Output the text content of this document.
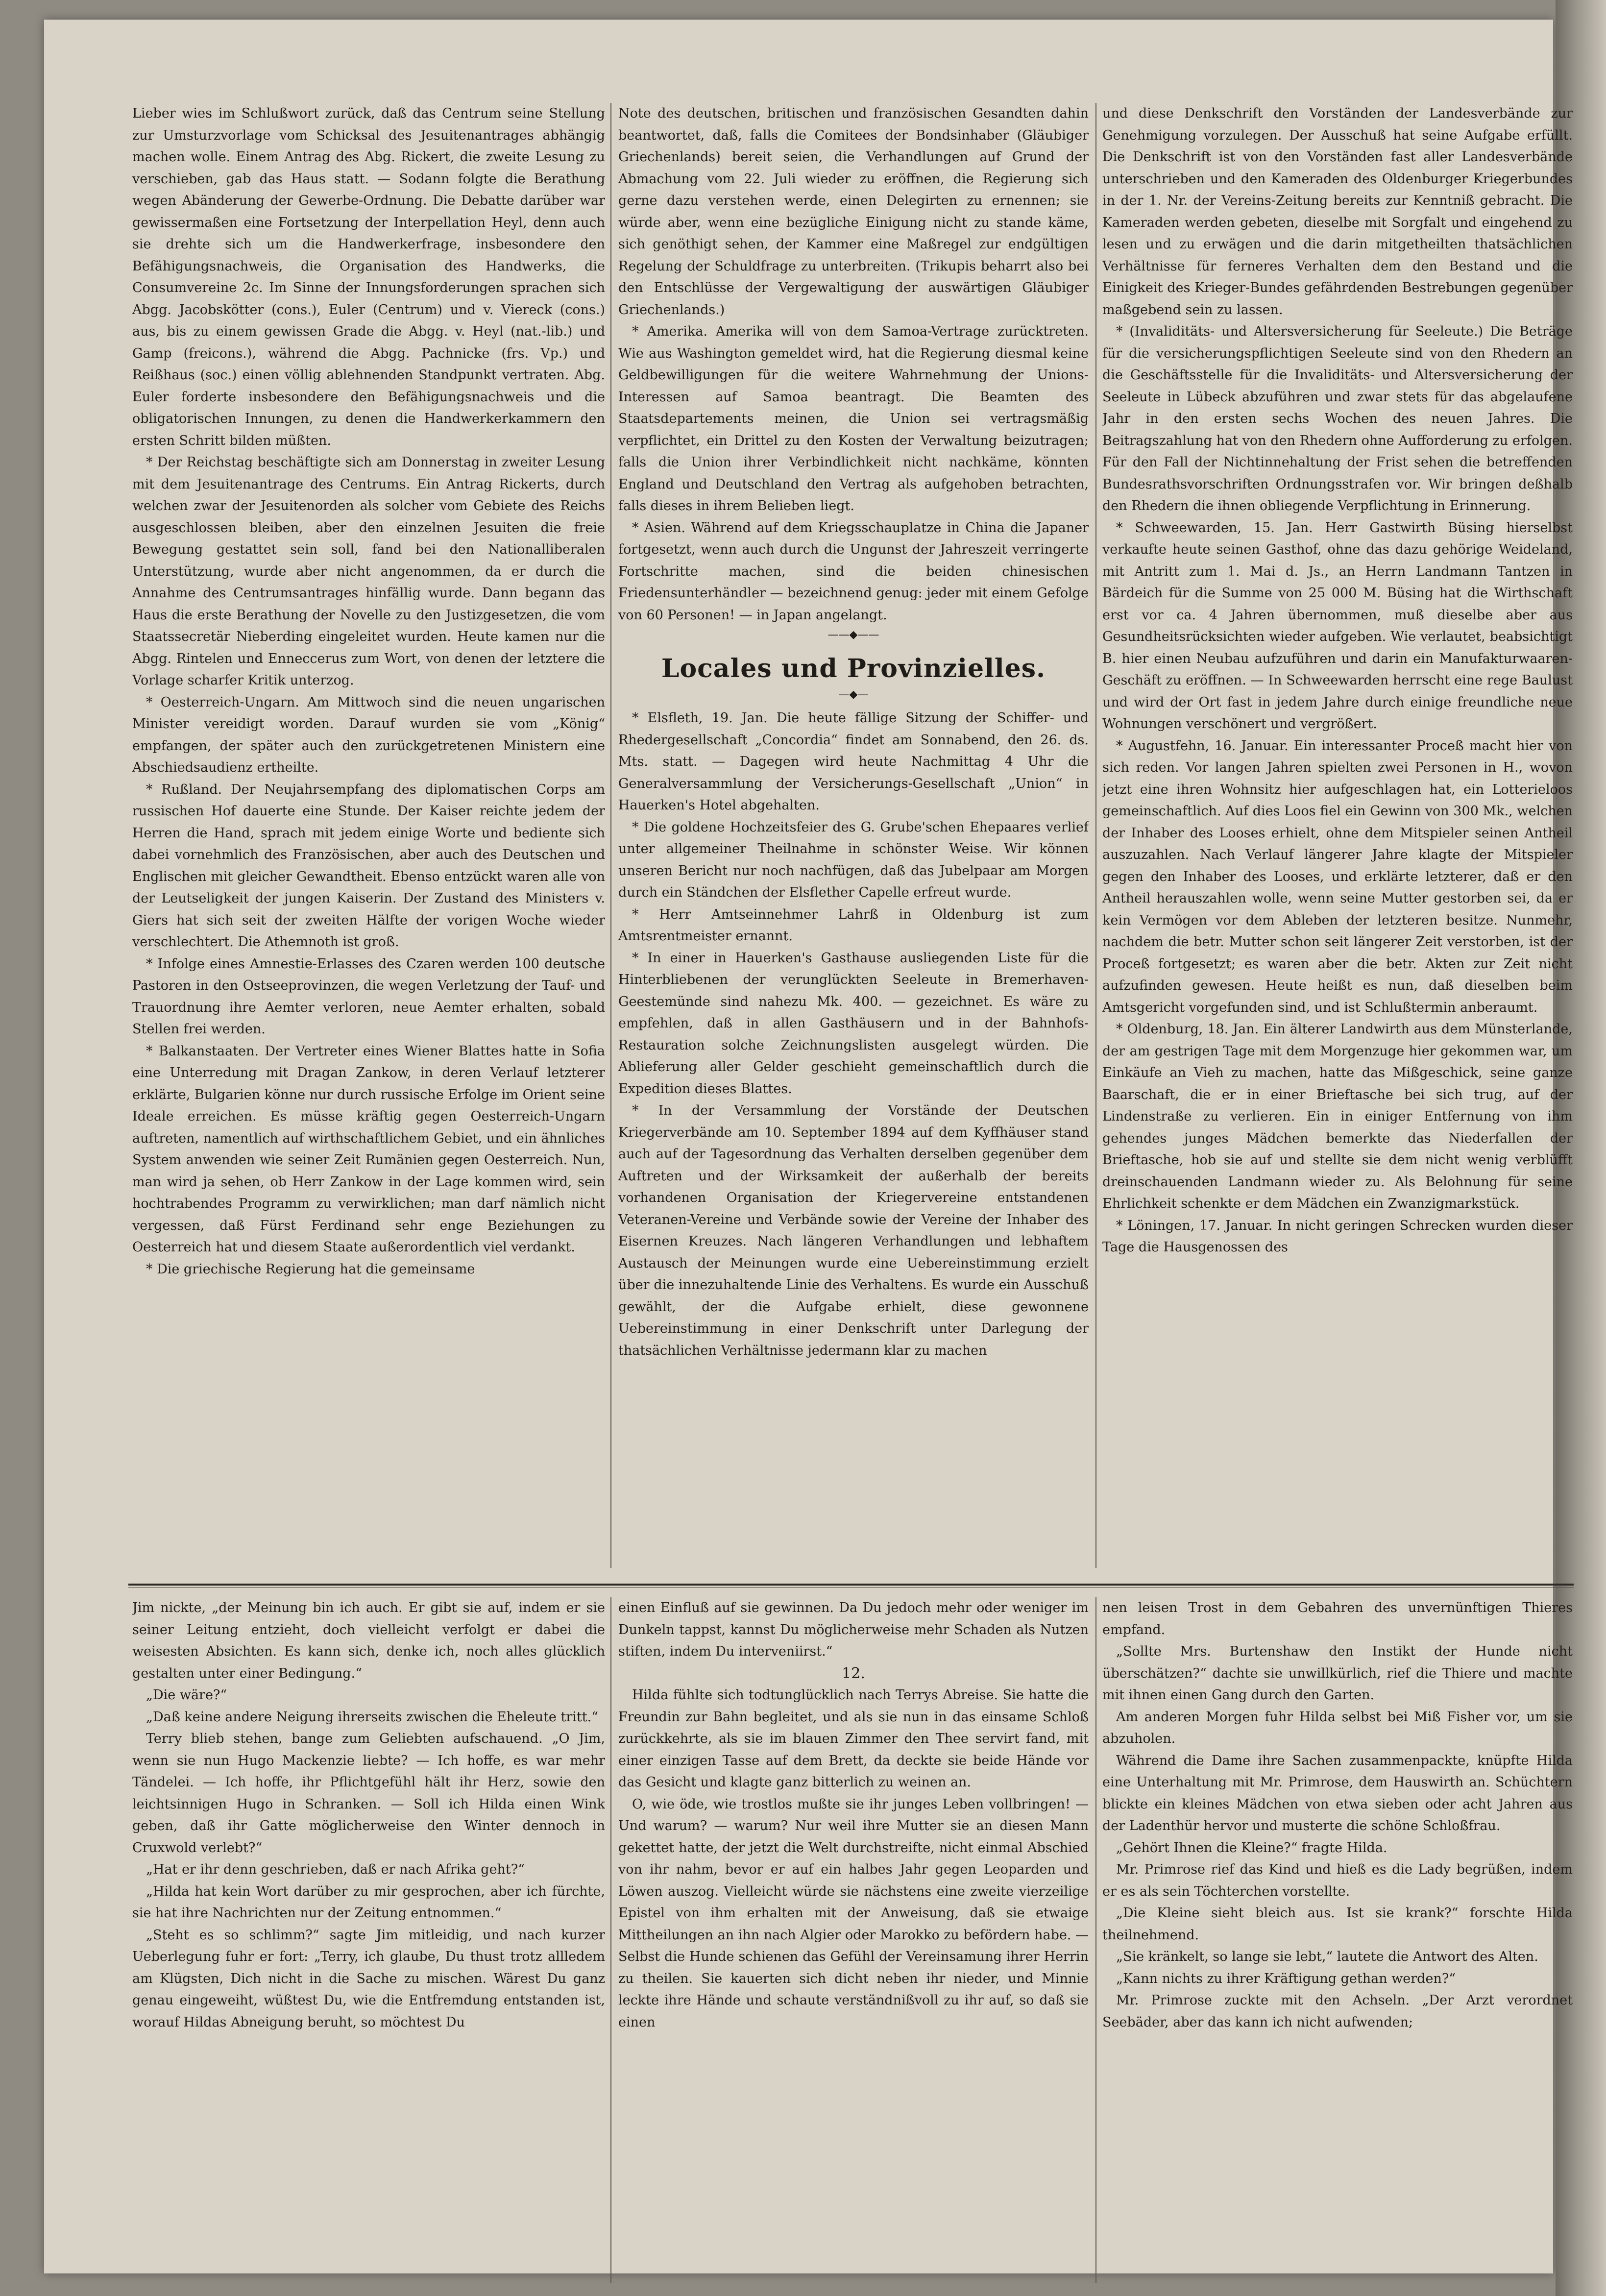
Lieber wies im Schlußwort zurück, daß das Centrum seine Stellung zur Umsturzvorlage vom Schicksal des Jesuitenantrages abhängig machen wolle. Einem Antrag des Abg. Rickert, die zweite Lesung zu verschieben, gab das Haus statt. — Sodann folgte die Berathung wegen Abänderung der Gewerbe-Ordnung. Die Debatte darüber war gewissermaßen eine Fortsetzung der Interpellation Heyl, denn auch sie drehte sich um die Handwerkerfrage, insbesondere den Befähigungsnachweis, die Organisation des Handwerks, die Consumvereine 2c. Im Sinne der Innungsforderungen sprachen sich Abgg. Jacobskötter (cons.), Euler (Centrum) und v. Viereck (cons.) aus, bis zu einem gewissen Grade die Abgg. v. Heyl (nat.-lib.) und Gamp (freicons.), während die Abgg. Pachnicke (frs. Vp.) und Reißhaus (soc.) einen völlig ablehnenden Standpunkt vertraten. Abg. Euler forderte insbesondere den Befähigungsnachweis und die obligatorischen Innungen, zu denen die Handwerkerkammern den ersten Schritt bilden müßten.

* Der Reichstag beschäftigte sich am Donnerstag in zweiter Lesung mit dem Jesuitenantrage des Centrums. Ein Antrag Rickerts, durch welchen zwar der Jesuitenorden als solcher vom Gebiete des Reichs ausgeschlossen bleiben, aber den einzelnen Jesuiten die freie Bewegung gestattet sein soll, fand bei den Nationalliberalen Unterstützung, wurde aber nicht angenommen, da er durch die Annahme des Centrumsantrages hinfällig wurde. Dann begann das Haus die erste Berathung der Novelle zu den Justizgesetzen, die vom Staatssecretär Nieberding eingeleitet wurden. Heute kamen nur die Abgg. Rintelen und Enneccerus zum Wort, von denen der letztere die Vorlage scharfer Kritik unterzog.

* Oesterreich-Ungarn. Am Mittwoch sind die neuen ungarischen Minister vereidigt worden. Darauf wurden sie vom „König“ empfangen, der später auch den zurückgetretenen Ministern eine Abschiedsaudienz ertheilte.

* Rußland. Der Neujahrsempfang des diplomatischen Corps am russischen Hof dauerte eine Stunde. Der Kaiser reichte jedem der Herren die Hand, sprach mit jedem einige Worte und bediente sich dabei vornehmlich des Französischen, aber auch des Deutschen und Englischen mit gleicher Gewandtheit. Ebenso entzückt waren alle von der Leutseligkeit der jungen Kaiserin. Der Zustand des Ministers v. Giers hat sich seit der zweiten Hälfte der vorigen Woche wieder verschlechtert. Die Athemnoth ist groß.

* Infolge eines Amnestie-Erlasses des Czaren werden 100 deutsche Pastoren in den Ostseeprovinzen, die wegen Verletzung der Tauf- und Trauordnung ihre Aemter verloren, neue Aemter erhalten, sobald Stellen frei werden.

* Balkanstaaten. Der Vertreter eines Wiener Blattes hatte in Sofia eine Unterredung mit Dragan Zankow, in deren Verlauf letzterer erklärte, Bulgarien könne nur durch russische Erfolge im Orient seine Ideale erreichen. Es müsse kräftig gegen Oesterreich-Ungarn auftreten, namentlich auf wirthschaftlichem Gebiet, und ein ähnliches System anwenden wie seiner Zeit Rumänien gegen Oesterreich. Nun, man wird ja sehen, ob Herr Zankow in der Lage kommen wird, sein hochtrabendes Programm zu verwirklichen; man darf nämlich nicht vergessen, daß Fürst Ferdinand sehr enge Beziehungen zu Oesterreich hat und diesem Staate außerordentlich viel verdankt.

* Die griechische Regierung hat die gemeinsame

Note des deutschen, britischen und französischen Gesandten dahin beantwortet, daß, falls die Comitees der Bondsinhaber (Gläubiger Griechenlands) bereit seien, die Verhandlungen auf Grund der Abmachung vom 22. Juli wieder zu eröffnen, die Regierung sich gerne dazu verstehen werde, einen Delegirten zu ernennen; sie würde aber, wenn eine bezügliche Einigung nicht zu stande käme, sich genöthigt sehen, der Kammer eine Maßregel zur endgültigen Regelung der Schuldfrage zu unterbreiten. (Trikupis beharrt also bei den Entschlüsse der Vergewaltigung der auswärtigen Gläubiger Griechenlands.)

* Amerika. Amerika will von dem Samoa-Vertrage zurücktreten. Wie aus Washington gemeldet wird, hat die Regierung diesmal keine Geldbewilligungen für die weitere Wahrnehmung der Unions-Interessen auf Samoa beantragt. Die Beamten des Staatsdepartements meinen, die Union sei vertragsmäßig verpflichtet, ein Drittel zu den Kosten der Verwaltung beizutragen; falls die Union ihrer Verbindlichkeit nicht nachkäme, könnten England und Deutschland den Vertrag als aufgehoben betrachten, falls dieses in ihrem Belieben liegt.

* Asien. Während auf dem Kriegsschauplatze in China die Japaner fortgesetzt, wenn auch durch die Ungunst der Jahreszeit verringerte Fortschritte machen, sind die beiden chinesischen Friedensunterhändler — bezeichnend genug: jeder mit einem Gefolge von 60 Personen! — in Japan angelangt.

——◆——
Locales und Provinzielles.
—◆—

* Elsfleth, 19. Jan. Die heute fällige Sitzung der Schiffer- und Rhedergesellschaft „Concordia“ findet am Sonnabend, den 26. ds. Mts. statt. — Dagegen wird heute Nachmittag 4 Uhr die Generalversammlung der Versicherungs-Gesellschaft „Union“ in Hauerken's Hotel abgehalten.

* Die goldene Hochzeitsfeier des G. Grube'schen Ehepaares verlief unter allgemeiner Theilnahme in schönster Weise. Wir können unseren Bericht nur noch nachfügen, daß das Jubelpaar am Morgen durch ein Ständchen der Elsflether Capelle erfreut wurde.

* Herr Amtseinnehmer Lahrß in Oldenburg ist zum Amtsrentmeister ernannt.

* In einer in Hauerken's Gasthause ausliegenden Liste für die Hinterbliebenen der verunglückten Seeleute in Bremerhaven-Geestemünde sind nahezu Mk. 400. — gezeichnet. Es wäre zu empfehlen, daß in allen Gasthäusern und in der Bahnhofs-Restauration solche Zeichnungslisten ausgelegt würden. Die Ablieferung aller Gelder geschieht gemeinschaftlich durch die Expedition dieses Blattes.

* In der Versammlung der Vorstände der Deutschen Kriegerverbände am 10. September 1894 auf dem Kyffhäuser stand auch auf der Tagesordnung das Verhalten derselben gegenüber dem Auftreten und der Wirksamkeit der außerhalb der bereits vorhandenen Organisation der Kriegervereine entstandenen Veteranen-Vereine und Verbände sowie der Vereine der Inhaber des Eisernen Kreuzes. Nach längeren Verhandlungen und lebhaftem Austausch der Meinungen wurde eine Uebereinstimmung erzielt über die innezuhaltende Linie des Verhaltens. Es wurde ein Ausschuß gewählt, der die Aufgabe erhielt, diese gewonnene Uebereinstimmung in einer Denkschrift unter Darlegung der thatsächlichen Verhältnisse jedermann klar zu machen

und diese Denkschrift den Vorständen der Landesverbände zur Genehmigung vorzulegen. Der Ausschuß hat seine Aufgabe erfüllt. Die Denkschrift ist von den Vorständen fast aller Landesverbände unterschrieben und den Kameraden des Oldenburger Kriegerbundes in der 1. Nr. der Vereins-Zeitung bereits zur Kenntniß gebracht. Die Kameraden werden gebeten, dieselbe mit Sorgfalt und eingehend zu lesen und zu erwägen und die darin mitgetheilten thatsächlichen Verhältnisse für ferneres Verhalten dem den Bestand und die Einigkeit des Krieger-Bundes gefährdenden Bestrebungen gegenüber maßgebend sein zu lassen.

* (Invaliditäts- und Altersversicherung für Seeleute.) Die Beträge für die versicherungspflichtigen Seeleute sind von den Rhedern an die Geschäftsstelle für die Invaliditäts- und Altersversicherung der Seeleute in Lübeck abzuführen und zwar stets für das abgelaufene Jahr in den ersten sechs Wochen des neuen Jahres. Die Beitragszahlung hat von den Rhedern ohne Aufforderung zu erfolgen. Für den Fall der Nichtinnehaltung der Frist sehen die betreffenden Bundesrathsvorschriften Ordnungsstrafen vor. Wir bringen deßhalb den Rhedern die ihnen obliegende Verpflichtung in Erinnerung.

* Schweewarden, 15. Jan. Herr Gastwirth Büsing hierselbst verkaufte heute seinen Gasthof, ohne das dazu gehörige Weideland, mit Antritt zum 1. Mai d. Js., an Herrn Landmann Tantzen in Bärdeich für die Summe von 25 000 M. Büsing hat die Wirthschaft erst vor ca. 4 Jahren übernommen, muß dieselbe aber aus Gesundheitsrücksichten wieder aufgeben. Wie verlautet, beabsichtigt B. hier einen Neubau aufzuführen und darin ein Manufakturwaaren-Geschäft zu eröffnen. — In Schweewarden herrscht eine rege Baulust und wird der Ort fast in jedem Jahre durch einige freundliche neue Wohnungen verschönert und vergrößert.

* Augustfehn, 16. Januar. Ein interessanter Proceß macht hier von sich reden. Vor langen Jahren spielten zwei Personen in H., wovon jetzt eine ihren Wohnsitz hier aufgeschlagen hat, ein Lotterieloos gemeinschaftlich. Auf dies Loos fiel ein Gewinn von 300 Mk., welchen der Inhaber des Looses erhielt, ohne dem Mitspieler seinen Antheil auszuzahlen. Nach Verlauf längerer Jahre klagte der Mitspieler gegen den Inhaber des Looses, und erklärte letzterer, daß er den Antheil herauszahlen wolle, wenn seine Mutter gestorben sei, da er kein Vermögen vor dem Ableben der letzteren besitze. Nunmehr, nachdem die betr. Mutter schon seit längerer Zeit verstorben, ist der Proceß fortgesetzt; es waren aber die betr. Akten zur Zeit nicht aufzufinden gewesen. Heute heißt es nun, daß dieselben beim Amtsgericht vorgefunden sind, und ist Schlußtermin anberaumt.

* Oldenburg, 18. Jan. Ein älterer Landwirth aus dem Münsterlande, der am gestrigen Tage mit dem Morgenzuge hier gekommen war, um Einkäufe an Vieh zu machen, hatte das Mißgeschick, seine ganze Baarschaft, die er in einer Brieftasche bei sich trug, auf der Lindenstraße zu verlieren. Ein in einiger Entfernung von ihm gehendes junges Mädchen bemerkte das Niederfallen der Brieftasche, hob sie auf und stellte sie dem nicht wenig verblüfft dreinschauenden Landmann wieder zu. Als Belohnung für seine Ehrlichkeit schenkte er dem Mädchen ein Zwanzigmarkstück.

* Löningen, 17. Januar. In nicht geringen Schrecken wurden dieser Tage die Hausgenossen des

Jim nickte, „der Meinung bin ich auch. Er gibt sie auf, indem er sie seiner Leitung entzieht, doch vielleicht verfolgt er dabei die weisesten Absichten. Es kann sich, denke ich, noch alles glücklich gestalten unter einer Bedingung.“

„Die wäre?“

„Daß keine andere Neigung ihrerseits zwischen die Eheleute tritt.“

Terry blieb stehen, bange zum Geliebten aufschauend. „O Jim, wenn sie nun Hugo Mackenzie liebte? — Ich hoffe, es war mehr Tändelei. — Ich hoffe, ihr Pflichtgefühl hält ihr Herz, sowie den leichtsinnigen Hugo in Schranken. — Soll ich Hilda einen Wink geben, daß ihr Gatte möglicherweise den Winter dennoch in Cruxwold verlebt?“

„Hat er ihr denn geschrieben, daß er nach Afrika geht?“

„Hilda hat kein Wort darüber zu mir gesprochen, aber ich fürchte, sie hat ihre Nachrichten nur der Zeitung entnommen.“

„Steht es so schlimm?“ sagte Jim mitleidig, und nach kurzer Ueberlegung fuhr er fort: „Terry, ich glaube, Du thust trotz allledem am Klügsten, Dich nicht in die Sache zu mischen. Wärest Du ganz genau eingeweiht, wüßtest Du, wie die Entfremdung entstanden ist, worauf Hildas Abneigung beruht, so möchtest Du

einen Einfluß auf sie gewinnen. Da Du jedoch mehr oder weniger im Dunkeln tappst, kannst Du möglicherweise mehr Schaden als Nutzen stiften, indem Du interveniirst.“

12.

Hilda fühlte sich todtunglücklich nach Terrys Abreise. Sie hatte die Freundin zur Bahn begleitet, und als sie nun in das einsame Schloß zurückkehrte, als sie im blauen Zimmer den Thee servirt fand, mit einer einzigen Tasse auf dem Brett, da deckte sie beide Hände vor das Gesicht und klagte ganz bitterlich zu weinen an.

O, wie öde, wie trostlos mußte sie ihr junges Leben vollbringen! — Und warum? — warum? Nur weil ihre Mutter sie an diesen Mann gekettet hatte, der jetzt die Welt durchstreifte, nicht einmal Abschied von ihr nahm, bevor er auf ein halbes Jahr gegen Leoparden und Löwen auszog. Vielleicht würde sie nächstens eine zweite vierzeilige Epistel von ihm erhalten mit der Anweisung, daß sie etwaige Mittheilungen an ihn nach Algier oder Marokko zu befördern habe. — Selbst die Hunde schienen das Gefühl der Vereinsamung ihrer Herrin zu theilen. Sie kauerten sich dicht neben ihr nieder, und Minnie leckte ihre Hände und schaute verständnißvoll zu ihr auf, so daß sie einen

nen leisen Trost in dem Gebahren des unvernünftigen Thieres empfand.

„Sollte Mrs. Burtenshaw den Instikt der Hunde nicht überschätzen?“ dachte sie unwillkürlich, rief die Thiere und machte mit ihnen einen Gang durch den Garten.

Am anderen Morgen fuhr Hilda selbst bei Miß Fisher vor, um sie abzuholen.

Während die Dame ihre Sachen zusammenpackte, knüpfte Hilda eine Unterhaltung mit Mr. Primrose, dem Hauswirth an. Schüchtern blickte ein kleines Mädchen von etwa sieben oder acht Jahren aus der Ladenthür hervor und musterte die schöne Schloßfrau.

„Gehört Ihnen die Kleine?“ fragte Hilda.

Mr. Primrose rief das Kind und hieß es die Lady begrüßen, indem er es als sein Töchterchen vorstellte.

„Die Kleine sieht bleich aus. Ist sie krank?“ forschte Hilda theilnehmend.

„Sie kränkelt, so lange sie lebt,“ lautete die Antwort des Alten.

„Kann nichts zu ihrer Kräftigung gethan werden?“

Mr. Primrose zuckte mit den Achseln. „Der Arzt verordnet Seebäder, aber das kann ich nicht aufwenden;
